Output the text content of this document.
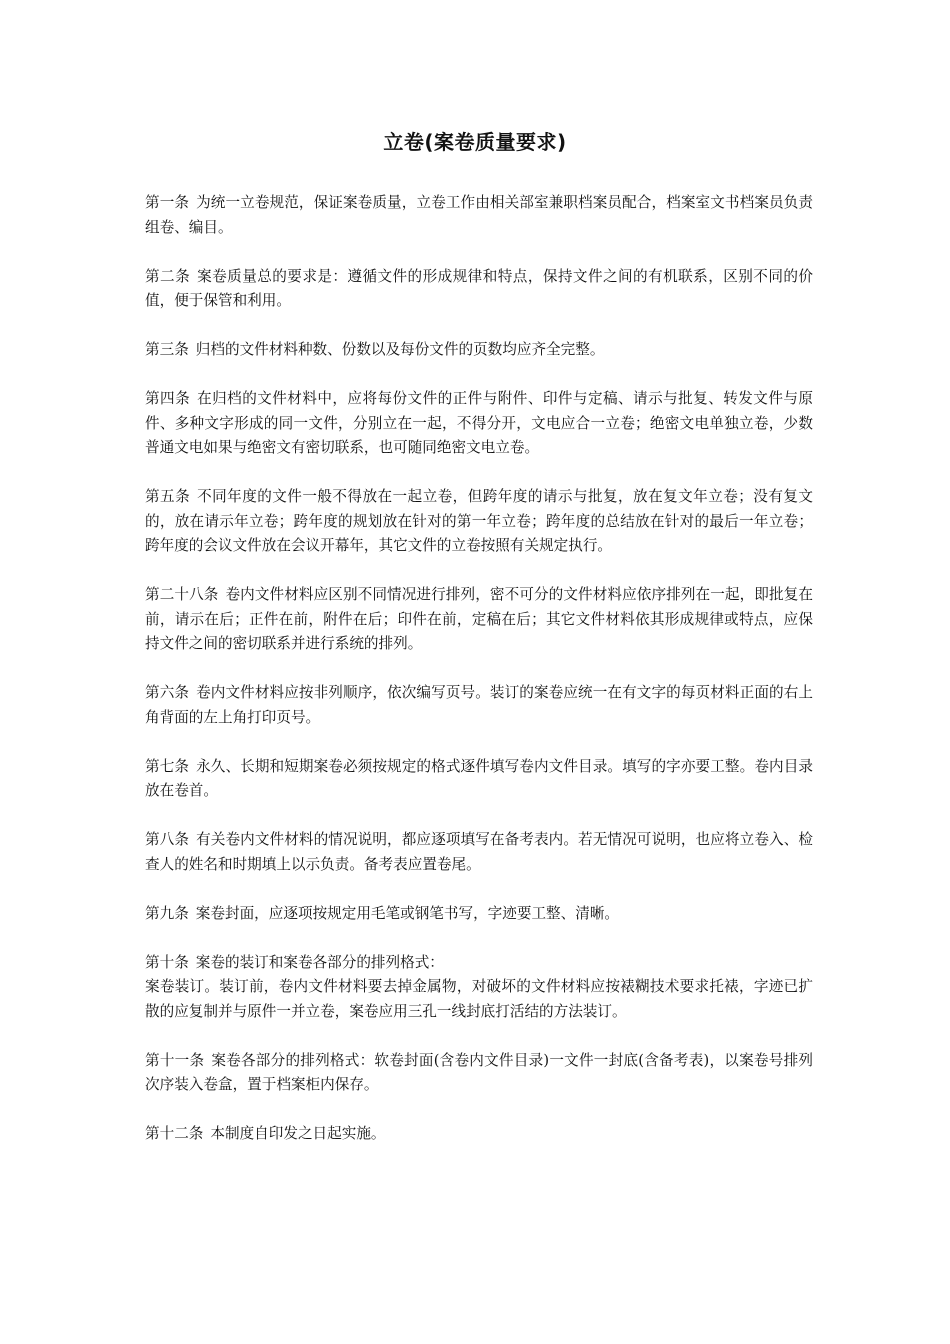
立卷(案卷质量要求)

第一条 为统一立卷规范，保证案卷质量，立卷工作由相关部室兼职档案员配合，档案室文书档案员负责组卷、编目。

第二条 案卷质量总的要求是：遵循文件的形成规律和特点，保持文件之间的有机联系，区别不同的价值，便于保管和利用。

第三条 归档的文件材料种数、份数以及每份文件的页数均应齐全完整。

第四条 在归档的文件材料中，应将每份文件的正件与附件、印件与定稿、请示与批复、转发文件与原件、多种文字形成的同一文件，分别立在一起，不得分开，文电应合一立卷；绝密文电单独立卷，少数普通文电如果与绝密文有密切联系，也可随同绝密文电立卷。

第五条 不同年度的文件一般不得放在一起立卷，但跨年度的请示与批复，放在复文年立卷；没有复文的，放在请示年立卷；跨年度的规划放在针对的第一年立卷；跨年度的总结放在针对的最后一年立卷；跨年度的会议文件放在会议开幕年，其它文件的立卷按照有关规定执行。

第二十八条 卷内文件材料应区别不同情况进行排列，密不可分的文件材料应依序排列在一起，即批复在前，请示在后；正件在前，附件在后；印件在前，定稿在后；其它文件材料依其形成规律或特点，应保持文件之间的密切联系并进行系统的排列。

第六条 卷内文件材料应按非列顺序，依次编写页号。装订的案卷应统一在有文字的每页材料正面的右上角背面的左上角打印页号。

第七条 永久、长期和短期案卷必须按规定的格式逐件填写卷内文件目录。填写的字亦要工整。卷内目录放在卷首。

第八条 有关卷内文件材料的情况说明，都应逐项填写在备考表内。若无情况可说明，也应将立卷入、检查人的姓名和时期填上以示负责。备考表应置卷尾。

第九条 案卷封面，应逐项按规定用毛笔或钢笔书写，字迹要工整、清晰。

第十条 案卷的装订和案卷各部分的排列格式：
案卷装订。装订前，卷内文件材料要去掉金属物，对破坏的文件材料应按裱糊技术要求托裱，字迹已扩散的应复制并与原件一并立卷，案卷应用三孔一线封底打活结的方法装订。

第十一条 案卷各部分的排列格式：软卷封面(含卷内文件目录)一文件一封底(含备考表)，以案卷号排列次序装入卷盒，置于档案柜内保存。

第十二条 本制度自印发之日起实施。
